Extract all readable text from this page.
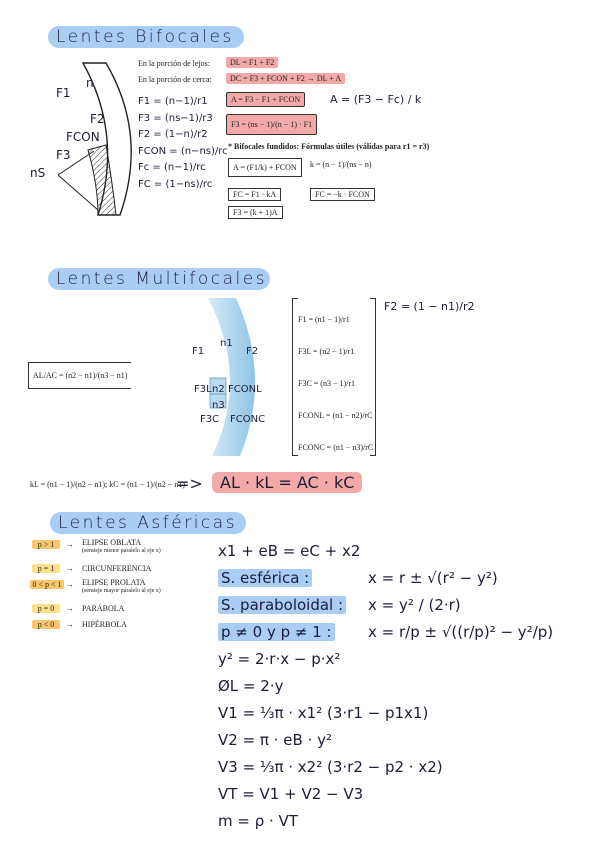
Lentes Bifocales
F1
n
F2
FCON
F3
nS
En la porción de lejos:	DL = F1 + F2
En la porción de cerca:	DC = F3 + FCON + F2 → DL + A
F1 = (n−1)/r1
F3 = (ns−1)/r3
F2 = (1−n)/r2
FCON = (n−ns)/rc
Fc = (n−1)/rc
FC = (1−ns)/rc
A = F3 − F1 + FCON	A = (F3 − Fc) / k
F3 = (ns − 1)/(n − 1) · F1
* Bifocales fundidos: Fórmulas útiles (válidas para r1 = r3)
A = (F1/k) + FCON	k = (n − 1)/(ns − n)
FC = F1 · kA	FC = −k · FCON
F3 = (k + 1)A
Lentes Multifocales
AL/AC = (n2 − n1)/(n3 − n1)
n1
F1	F2
F3L n2 FCONL
n3
F3C FCONC
F1 = (n1 − 1)/r1
F3L = (n2 − 1)/r1
F3C = (n3 − 1)/r1
FCONL = (n1 − n2)/rC
FCONC = (n1 − n3)/rC
F2 = (1 − n1)/r2
kL = (n1 − 1)/(n2 − n1); kC = (n1 − 1)/(n2 − n1)
=>	AL · kL = AC · kC
Lentes Asféricas
p > 1	→ ELIPSE OBLATA
(semieje menor paralelo al eje x)
p = 1	→ CIRCUNFERENCIA
0 < p < 1 → ELIPSE PROLATA
(semieje mayor paralelo al eje x)
p = 0	→ PARÁBOLA
p < 0	→ HIPÉRBOLA
x1 + eB = eC + x2
S. esférica :	x = r ± √(r² − y²)
S. paraboloidal : x = y² / (2·r)
p ≠ 0 y p ≠ 1 : x = r/p ± √((r/p)² − y²/p)
y² = 2·r·x − p·x²
ØL = 2·y
V1 = ⅓π · x1² (3·r1 − p1x1)
V2 = π · eB · y²
V3 = ⅓π · x2² (3·r2 − p2 · x2)
VT = V1 + V2 − V3
m = ρ · VT
